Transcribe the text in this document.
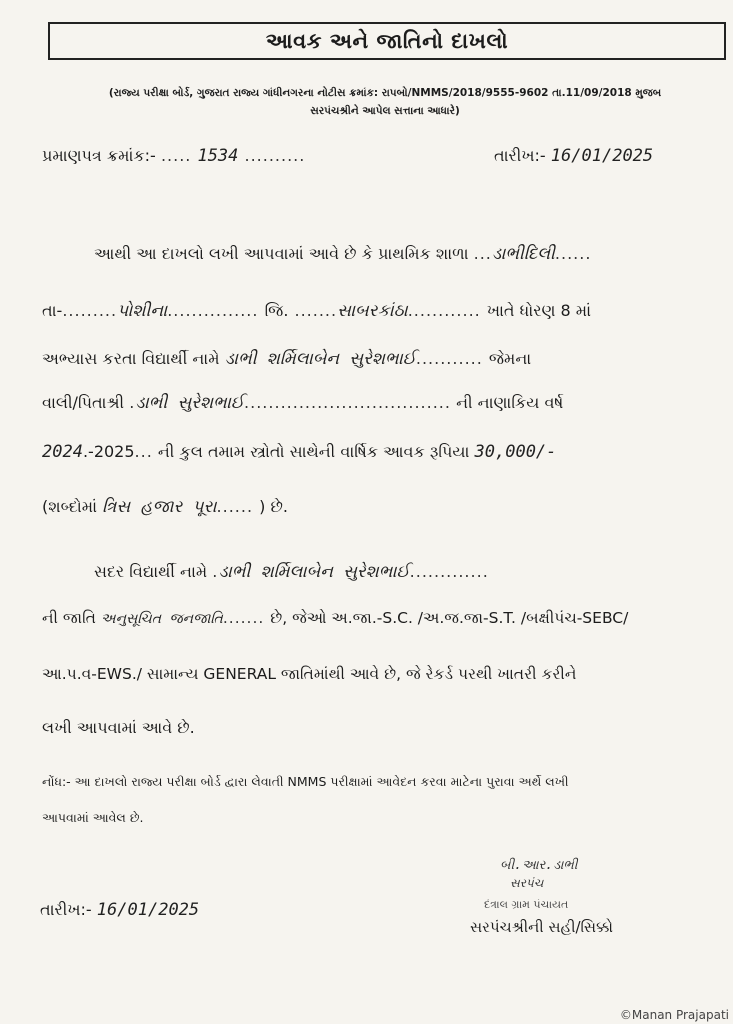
આવક અને જાતિનો દાખલો
(રાજ્ય પરીક્ષા બોર્ડ, ગુજરાત રાજ્ય ગાંધીનગરના નોટીસ ક્રમાંક: રાપબો/NMMS/2018/9555-9602 તા.11/09/2018 મુજબ
સરપંચશ્રીને આપેલ સત્તાના આધારે)
પ્રમાણપત્ર ક્રમાંક:- ..... 1534 ..........	તારીખ:- 16/01/2025
આથી આ દાખલો લખી આપવામાં આવે છે કે પ્રાથમિક શાળા ...ડાભીદિલી......
તા-.........પોશીના............... જિ. .......સાબરકાંઠા............ ખાતે ધોરણ 8 માં
અભ્યાસ કરતા વિદ્યાર્થી નામે ડાભી શર્મિલાબેન સુરેશભાઈ........... જેમના
વાલી/પિતાશ્રી .ડાભી સુરેશભાઈ.................................. ની નાણાકિય વર્ષ
2024.-2025... ની કુલ તમામ સ્ત્રોતો સાથેની વાર્ષિક આવક રૂપિયા 30,000/-
(શબ્દોમાં ત્રિસ હજાર પૂરા...... ) છે.
સદર વિદ્યાર્થી નામે .ડાભી શર્મિલાબેન સુરેશભાઈ.............
ની જાતિ અનુસૂચિત જનજાતિ....... છે, જેઓ અ.જા.-S.C. /અ.જ.જા-S.T. /બક્ષીપંચ-SEBC/
આ.પ.વ-EWS./ સામાન્ય GENERAL જાતિમાંથી આવે છે, જે રેકર્ડ પરથી ખાતરી કરીને
લખી આપવામાં આવે છે.
નોંધ:- આ દાખલો રાજ્ય પરીક્ષા બોર્ડ દ્વારા લેવાતી NMMS પરીક્ષામાં આવેદન કરવા માટેના પુરાવા અર્થે લખી
આપવામાં આવેલ છે.
બી.આર.ડાભી
સરપંચ
દંત્રાલ ગ્રામ પંચાયત
સરપંચશ્રીની સહી/સિક્કો
તારીખ:- 16/01/2025
©Manan Prajapati
